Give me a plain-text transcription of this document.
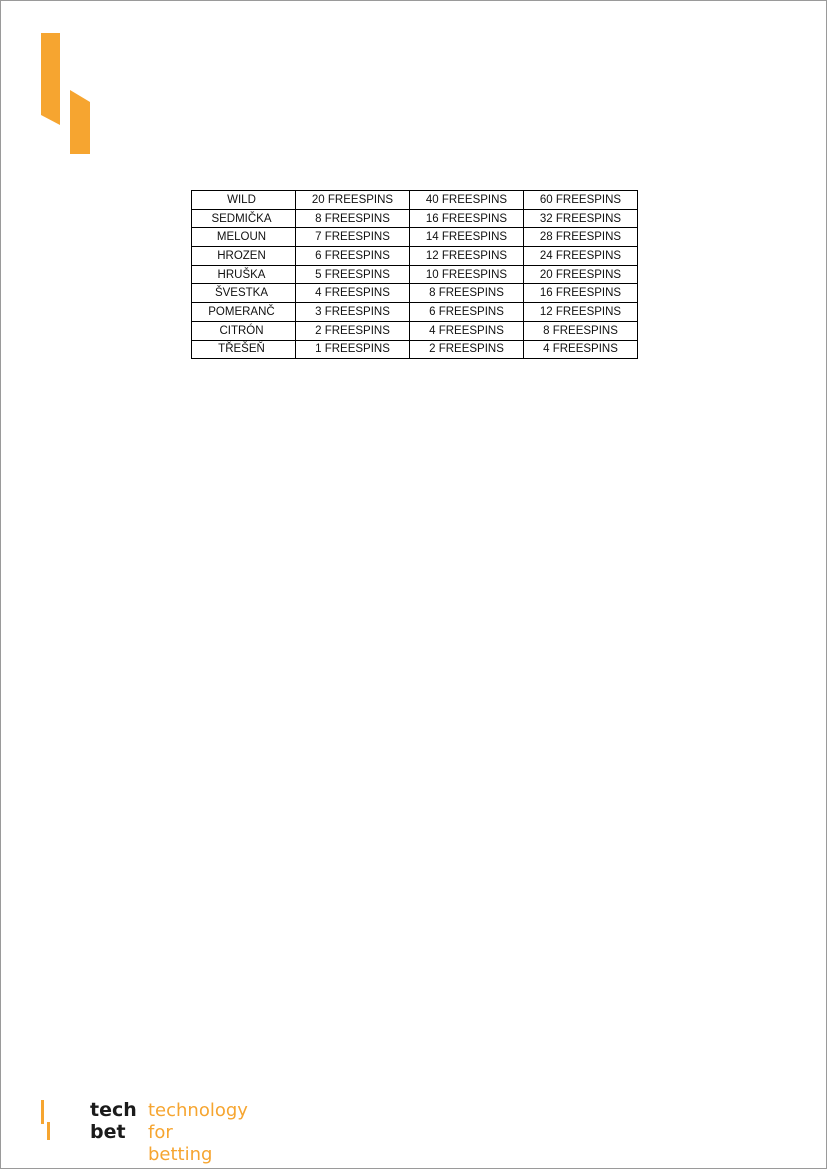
WILD	20 FREESPINS	40 FREESPINS	60 FREESPINS
SEDMIČKA	8 FREESPINS	16 FREESPINS	32 FREESPINS
MELOUN	7 FREESPINS	14 FREESPINS	28 FREESPINS
HROZEN	6 FREESPINS	12 FREESPINS	24 FREESPINS
HRUŠKA	5 FREESPINS	10 FREESPINS	20 FREESPINS
ŠVESTKA	4 FREESPINS	8 FREESPINS	16 FREESPINS
POMERANČ	3 FREESPINS	6 FREESPINS	12 FREESPINS
CITRÓN	2 FREESPINS	4 FREESPINS	8 FREESPINS
TŘEŠEŇ	1 FREESPINS	2 FREESPINS	4 FREESPINS
tech
bet
technology
for betting
